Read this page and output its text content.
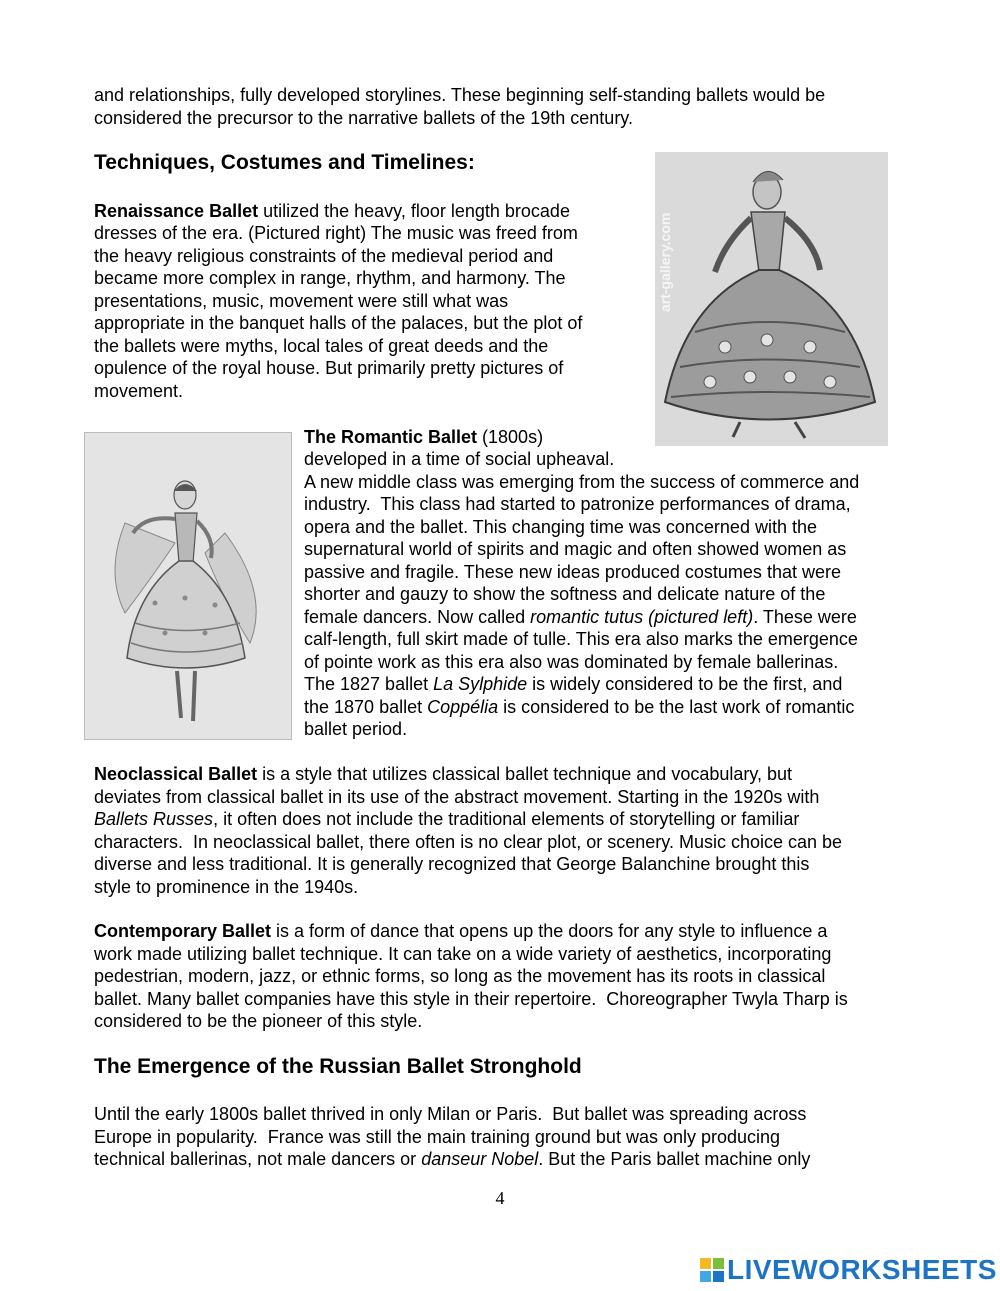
and relationships, fully developed storylines. These beginning self-standing ballets would be

considered the precursor to the narrative ballets of the 19th century.

Techniques, Costumes and Timelines:

Renaissance Ballet utilized the heavy, floor length brocade

dresses of the era. (Pictured right) The music was freed from

the heavy religious constraints of the medieval period and

became more complex in range, rhythm, and harmony. The

presentations, music, movement were still what was

appropriate in the banquet halls of the palaces, but the plot of

the ballets were myths, local tales of great deeds and the

opulence of the royal house. But primarily pretty pictures of

movement.

art-gallery.com

The Romantic Ballet (1800s)

developed in a time of social upheaval.

A new middle class was emerging from the success of commerce and

industry.  This class had started to patronize performances of drama,

opera and the ballet. This changing time was concerned with the

supernatural world of spirits and magic and often showed women as

passive and fragile. These new ideas produced costumes that were

shorter and gauzy to show the softness and delicate nature of the

female dancers. Now called romantic tutus (pictured left). These were

calf-length, full skirt made of tulle. This era also marks the emergence

of pointe work as this era also was dominated by female ballerinas.

The 1827 ballet La Sylphide is widely considered to be the first, and

the 1870 ballet Coppélia is considered to be the last work of romantic

ballet period.

Neoclassical Ballet is a style that utilizes classical ballet technique and vocabulary, but

deviates from classical ballet in its use of the abstract movement. Starting in the 1920s with

Ballets Russes, it often does not include the traditional elements of storytelling or familiar

characters.  In neoclassical ballet, there often is no clear plot, or scenery. Music choice can be

diverse and less traditional. It is generally recognized that George Balanchine brought this

style to prominence in the 1940s.

Contemporary Ballet is a form of dance that opens up the doors for any style to influence a

work made utilizing ballet technique. It can take on a wide variety of aesthetics, incorporating

pedestrian, modern, jazz, or ethnic forms, so long as the movement has its roots in classical

ballet. Many ballet companies have this style in their repertoire.  Choreographer Twyla Tharp is

considered to be the pioneer of this style.

The Emergence of the Russian Ballet Stronghold

Until the early 1800s ballet thrived in only Milan or Paris.  But ballet was spreading across

Europe in popularity.  France was still the main training ground but was only producing

technical ballerinas, not male dancers or danseur Nobel. But the Paris ballet machine only

4
LIVEWORKSHEETS
